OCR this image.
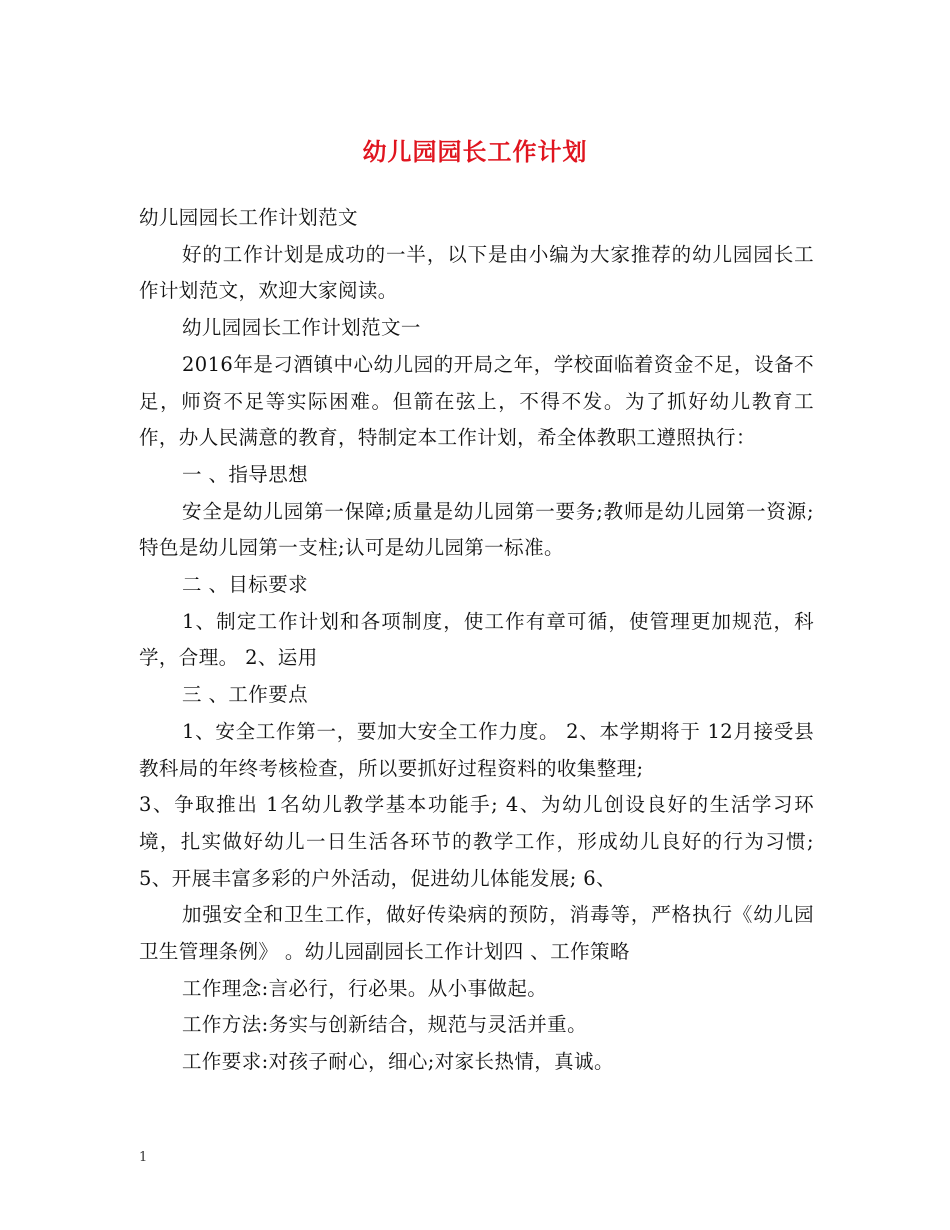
幼儿园园长工作计划

幼儿园园长工作计划范文

好的工作计划是成功的一半，以下是由小编为大家推荐的幼儿园园长工作计划范文，欢迎大家阅读。

幼儿园园长工作计划范文一

2016年是刁酒镇中心幼儿园的开局之年，学校面临着资金不足，设备不足，师资不足等实际困难。但箭在弦上，不得不发。为了抓好幼儿教育工作，办人民满意的教育，特制定本工作计划，希全体教职工遵照执行：

一 、指导思想

安全是幼儿园第一保障;质量是幼儿园第一要务;教师是幼儿园第一资源;特色是幼儿园第一支柱;认可是幼儿园第一标准。

二 、目标要求

1、制定工作计划和各项制度，使工作有章可循，使管理更加规范，科学，合理。 2、运用

三 、工作要点

1、安全工作第一，要加大安全工作力度。 2、本学期将于 12月接受县教科局的年终考核检查，所以要抓好过程资料的收集整理;

3、争取推出 1名幼儿教学基本功能手; 4、为幼儿创设良好的生活学习环境，扎实做好幼儿一日生活各环节的教学工作，形成幼儿良好的行为习惯; 5、开展丰富多彩的户外活动，促进幼儿体能发展; 6、

加强安全和卫生工作，做好传染病的预防，消毒等，严格执行《幼儿园卫生管理条例》 。幼儿园副园长工作计划四 、工作策略

工作理念:言必行，行必果。从小事做起。

工作方法:务实与创新结合，规范与灵活并重。

工作要求:对孩子耐心，细心;对家长热情，真诚。

1
